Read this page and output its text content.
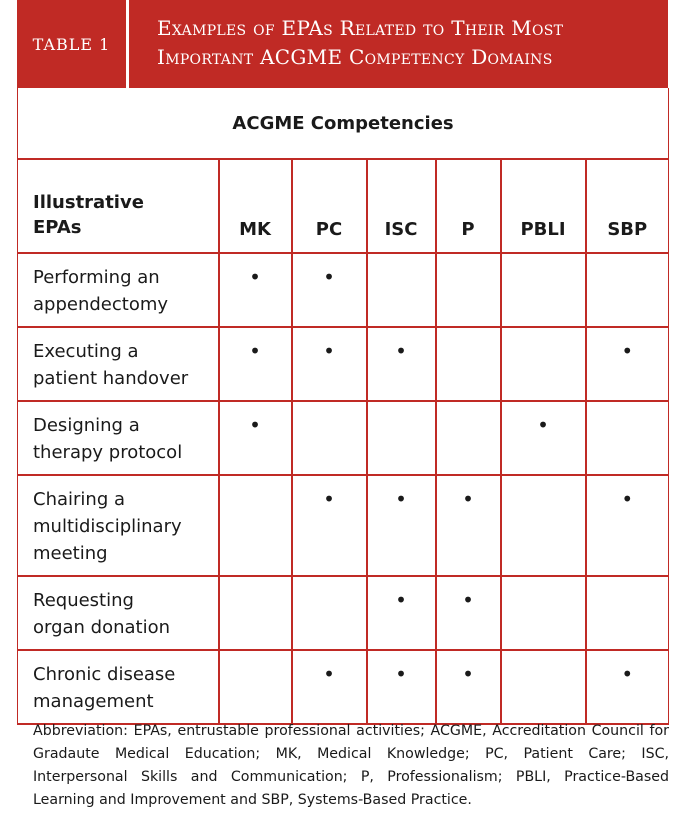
TABLE 1
Examples of EPAs Related to Their Most
Important ACGME Competency Domains
ACGME Competencies						

Illustrative
EPAs	MK	PC	ISC	P	PBLI	SBP

Performing an
appendectomy	•	•				

Executing a
patient handover	•	•	•			•

Designing a
therapy protocol	•				•	

Chairing a
multidisciplinary
meeting		•	•	•		•

Requesting
organ donation			•	•		

Chronic disease
management		•	•	•		•
Abbreviation: EPAs, entrustable professional activities; ACGME, Accreditation Council for Gradaute Medical Education; MK, Medical Knowledge; PC, Patient Care; ISC, Interpersonal Skills and Communication; P, Professionalism; PBLI, Practice-Based Learning and Improvement and SBP, Systems-Based Practice.
